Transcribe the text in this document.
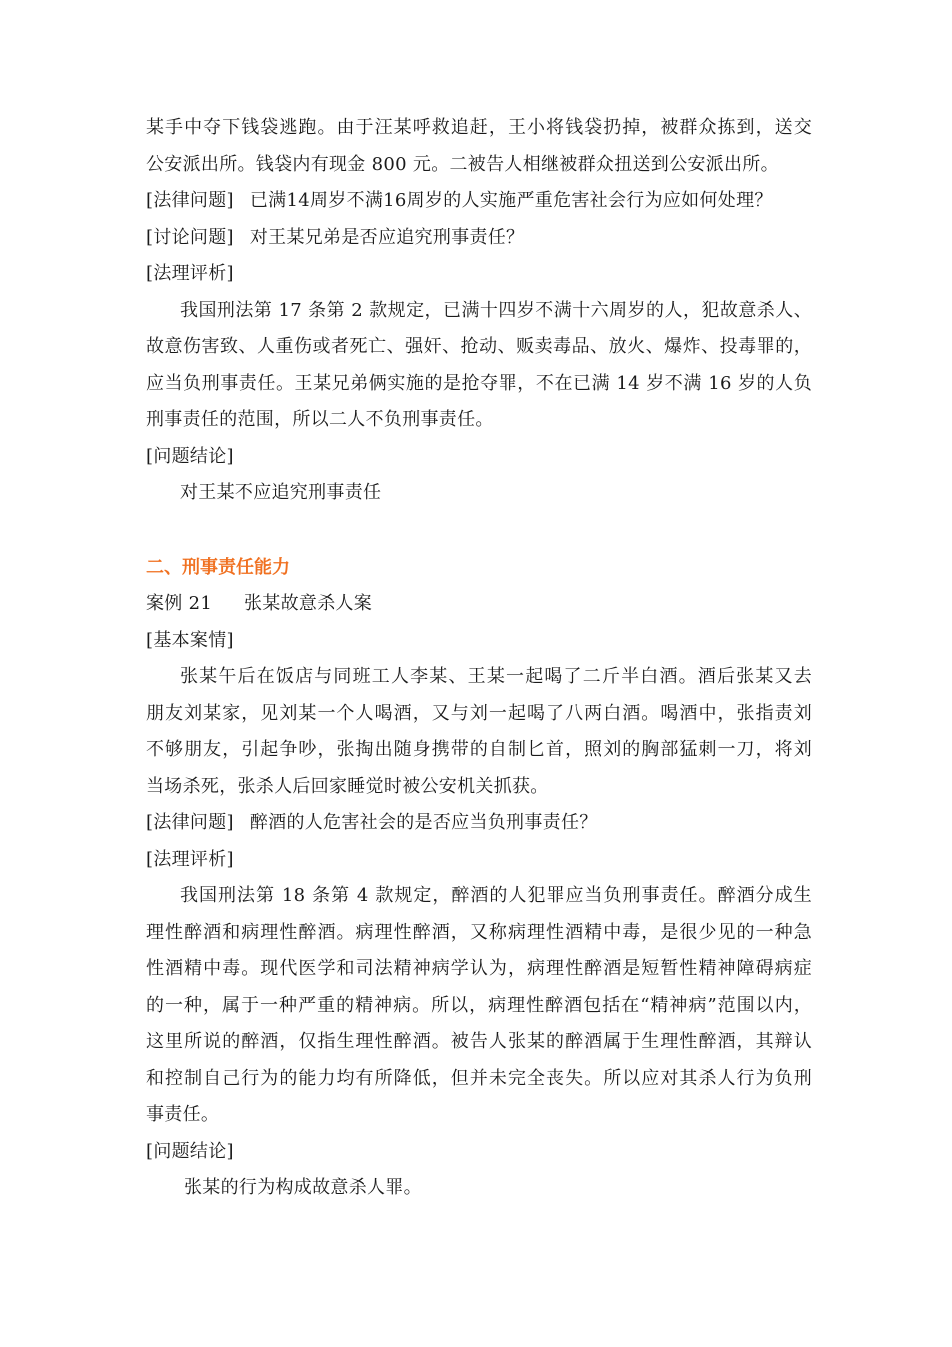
某手中夺下钱袋逃跑。由于汪某呼救追赶，王小将钱袋扔掉，被群众拣到，送交
公安派出所。钱袋内有现金 800 元。二被告人相继被群众扭送到公安派出所。
[法律问题] 已满14周岁不满16周岁的人实施严重危害社会行为应如何处理？
[讨论问题] 对王某兄弟是否应追究刑事责任？
[法理评析]
我国刑法第 17 条第 2 款规定，已满十四岁不满十六周岁的人，犯故意杀人、
故意伤害致、人重伤或者死亡、强奸、抢动、贩卖毒品、放火、爆炸、投毒罪的，
应当负刑事责任。王某兄弟俩实施的是抢夺罪，不在已满 14 岁不满 16 岁的人负
刑事责任的范围，所以二人不负刑事责任。
[问题结论]
对王某不应追究刑事责任
二、刑事责任能力
案例 21 张某故意杀人案
[基本案情]
张某午后在饭店与同班工人李某、王某一起喝了二斤半白酒。酒后张某又去
朋友刘某家，见刘某一个人喝酒，又与刘一起喝了八两白酒。喝酒中，张指责刘
不够朋友，引起争吵，张掏出随身携带的自制匕首，照刘的胸部猛刺一刀，将刘
当场杀死，张杀人后回家睡觉时被公安机关抓获。
[法律问题] 醉酒的人危害社会的是否应当负刑事责任？
[法理评析]
我国刑法第 18 条第 4 款规定，醉酒的人犯罪应当负刑事责任。醉酒分成生
理性醉酒和病理性醉酒。病理性醉酒，又称病理性酒精中毒，是很少见的一种急
性酒精中毒。现代医学和司法精神病学认为，病理性醉酒是短暂性精神障碍病症
的一种，属于一种严重的精神病。所以，病理性醉酒包括在“精神病”范围以内，
这里所说的醉酒，仅指生理性醉酒。被告人张某的醉酒属于生理性醉酒，其辩认
和控制自己行为的能力均有所降低，但并未完全丧失。所以应对其杀人行为负刑
事责任。
[问题结论]
张某的行为构成故意杀人罪。
